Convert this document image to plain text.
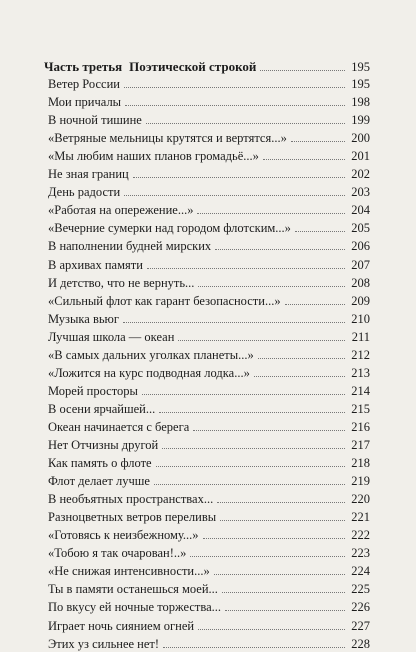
Часть третья Поэтической строкой	195
Ветер России	195
Мои причалы	198
В ночной тишине	199
«Ветряные мельницы крутятся и вертятся...»	200
«Мы любим наших планов громадьё...»	201
Не зная границ	202
День радости	203
«Работая на опережение...»	204
«Вечерние сумерки над городом флотским...»	205
В наполнении будней мирских	206
В архивах памяти	207
И детство, что не вернуть...	208
«Сильный флот как гарант безопасности...»	209
Музыка вьюг	210
Лучшая школа — океан	211
«В самых дальних уголках планеты...»	212
«Ложится на курс подводная лодка...»	213
Морей просторы	214
В осени ярчайшей...	215
Океан начинается с берега	216
Нет Отчизны другой	217
Как память о флоте	218
Флот делает лучше	219
В необъятных пространствах...	220
Разноцветных ветров переливы	221
«Готовясь к неизбежному...»	222
«Тобою я так очарован!..»	223
«Не снижая интенсивности...»	224
Ты в памяти останешься моей...	225
По вкусу ей ночные торжества...	226
Играет ночь сиянием огней	227
Этих уз сильнее нет!	228
